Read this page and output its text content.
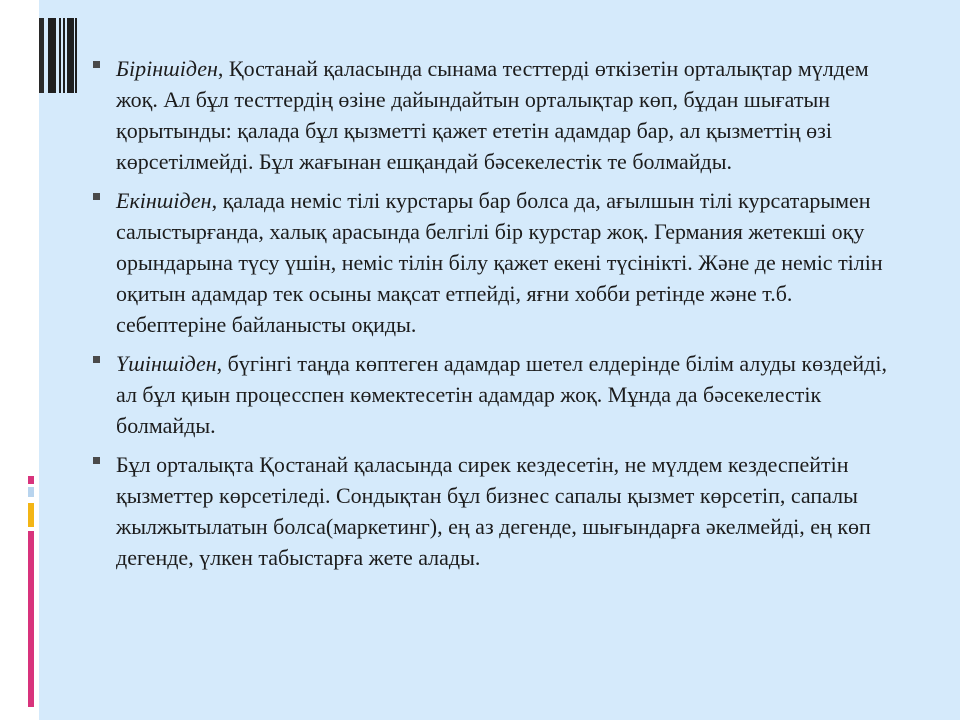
Біріншіден, Қостанай қаласында сынама тесттерді өткізетін орталықтар мүлдем жоқ. Ал бұл тесттердің өзіне дайындайтын орталықтар көп, бұдан шығатын қорытынды: қалада бұл қызметті қажет ететін адамдар бар, ал қызметтің өзі көрсетілмейді. Бұл жағынан ешқандай бәсекелестік те болмайды.
Екіншіден, қалада неміс тілі курстары бар болса да, ағылшын тілі курсатарымен салыстырғанда, халық арасында белгілі бір курстар жоқ. Германия жетекші оқу орындарына түсу үшін, неміс тілін білу қажет екені түсінікті. Және де неміс тілін оқитын адамдар тек осыны мақсат етпейді, яғни хобби ретінде және т.б. себептеріне байланысты оқиды.
Үшіншіден, бүгінгі таңда көптеген адамдар шетел елдерінде білім алуды көздейді, ал бұл қиын процесспен көмектесетін адамдар жоқ. Мұнда да бәсекелестік болмайды.
Бұл орталықта Қостанай қаласында сирек кездесетін, не мүлдем кездеспейтін қызметтер көрсетіледі. Сондықтан бұл бизнес сапалы қызмет көрсетіп, сапалы жылжытылатын болса(маркетинг), ең аз дегенде, шығындарға әкелмейді, ең көп дегенде, үлкен табыстарға жете алады.
